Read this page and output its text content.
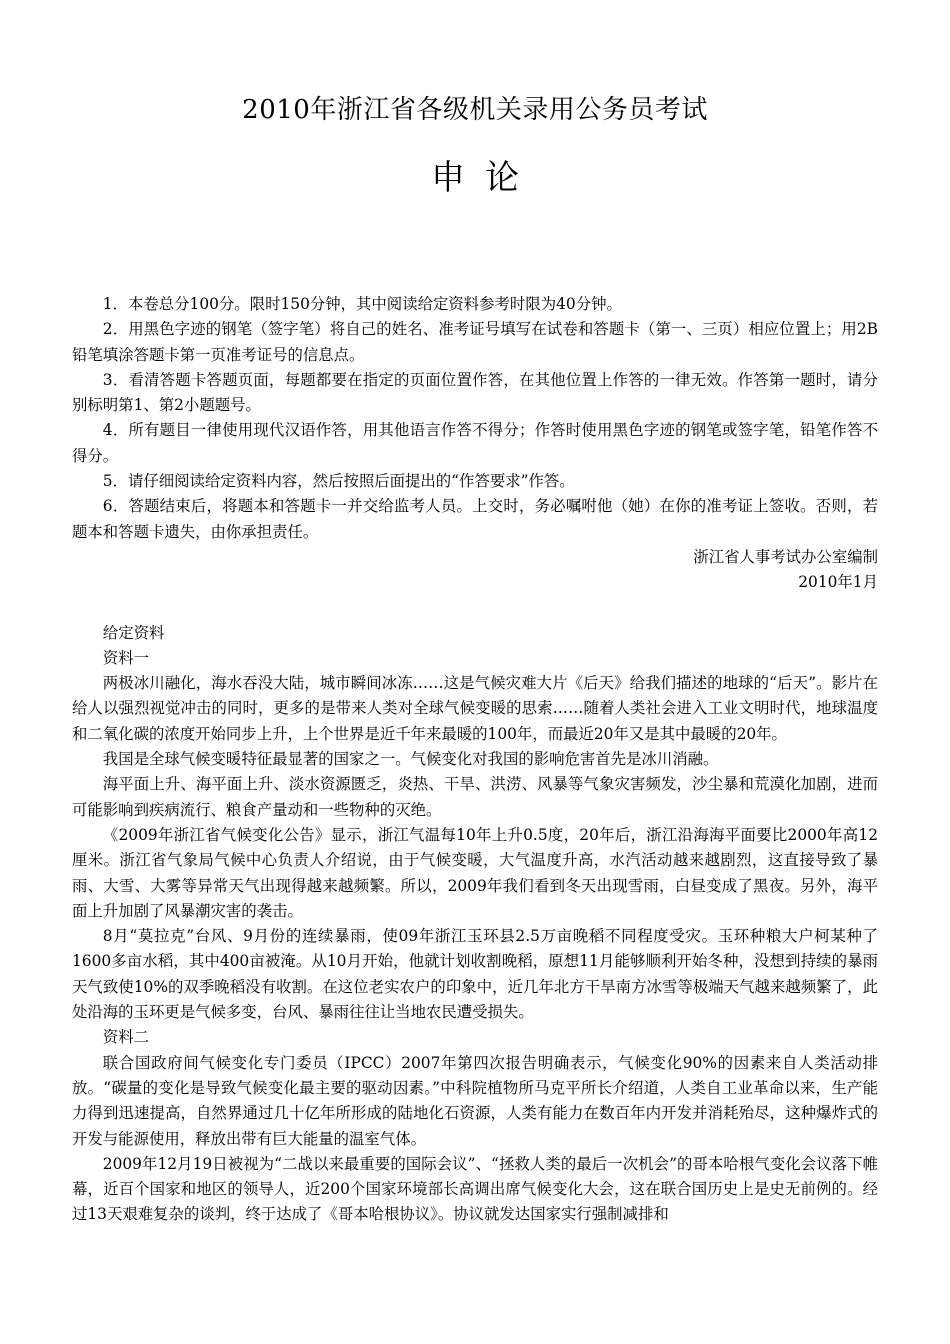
2010年浙江省各级机关录用公务员考试
申论

1．本卷总分100分。限时150分钟，其中阅读给定资料参考时限为40分钟。

2．用黑色字迹的钢笔（签字笔）将自己的姓名、准考证号填写在试卷和答题卡（第一、三页）相应位置上；用2B铅笔填涂答题卡第一页准考证号的信息点。

3．看清答题卡答题页面，每题都要在指定的页面位置作答，在其他位置上作答的一律无效。作答第一题时，请分别标明第1、第2小题题号。

4．所有题目一律使用现代汉语作答，用其他语言作答不得分；作答时使用黑色字迹的钢笔或签字笔，铅笔作答不得分。

5．请仔细阅读给定资料内容，然后按照后面提出的“作答要求”作答。

6．答题结束后，将题本和答题卡一并交给监考人员。上交时，务必嘱咐他（她）在你的准考证上签收。否则，若题本和答题卡遗失，由你承担责任。

浙江省人事考试办公室编制

2010年1月

给定资料

资料一

两极冰川融化，海水吞没大陆，城市瞬间冰冻……这是气候灾难大片《后天》给我们描述的地球的“后天”。影片在给人以强烈视觉冲击的同时，更多的是带来人类对全球气候变暖的思索……随着人类社会进入工业文明时代，地球温度和二氧化碳的浓度开始同步上升，上个世界是近千年来最暖的100年，而最近20年又是其中最暖的20年。

我国是全球气候变暖特征最显著的国家之一。气候变化对我国的影响危害首先是冰川消融。

海平面上升、海平面上升、淡水资源匮乏，炎热、干旱、洪涝、风暴等气象灾害频发，沙尘暴和荒漠化加剧，进而可能影响到疾病流行、粮食产量动和一些物种的灭绝。

《2009年浙江省气候变化公告》显示，浙江气温每10年上升0.5度，20年后，浙江沿海海平面要比2000年高12厘米。浙江省气象局气候中心负责人介绍说，由于气候变暖，大气温度升高，水汽活动越来越剧烈，这直接导致了暴雨、大雪、大雾等异常天气出现得越来越频繁。所以，2009年我们看到冬天出现雪雨，白昼变成了黑夜。另外，海平面上升加剧了风暴潮灾害的袭击。

8月“莫拉克”台风、9月份的连续暴雨，使09年浙江玉环县2.5万亩晚稻不同程度受灾。玉环种粮大户柯某种了1600多亩水稻，其中400亩被淹。从10月开始，他就计划收割晚稻，原想11月能够顺利开始冬种，没想到持续的暴雨天气致使10%的双季晚稻没有收割。在这位老实农户的印象中，近几年北方干旱南方冰雪等极端天气越来越频繁了，此处沿海的玉环更是气候多变，台风、暴雨往往让当地农民遭受损失。

资料二

联合国政府间气候变化专门委员（IPCC）2007年第四次报告明确表示，气候变化90%的因素来自人类活动排放。“碳量的变化是导致气候变化最主要的驱动因素。”中科院植物所马克平所长介绍道，人类自工业革命以来，生产能力得到迅速提高，自然界通过几十亿年所形成的陆地化石资源，人类有能力在数百年内开发并消耗殆尽，这种爆炸式的开发与能源使用，释放出带有巨大能量的温室气体。

2009年12月19日被视为“二战以来最重要的国际会议”、“拯救人类的最后一次机会”的哥本哈根气变化会议落下帷幕，近百个国家和地区的领导人，近200个国家环境部长高调出席气候变化大会，这在联合国历史上是史无前例的。经过13天艰难复杂的谈判，终于达成了《哥本哈根协议》。协议就发达国家实行强制减排和
